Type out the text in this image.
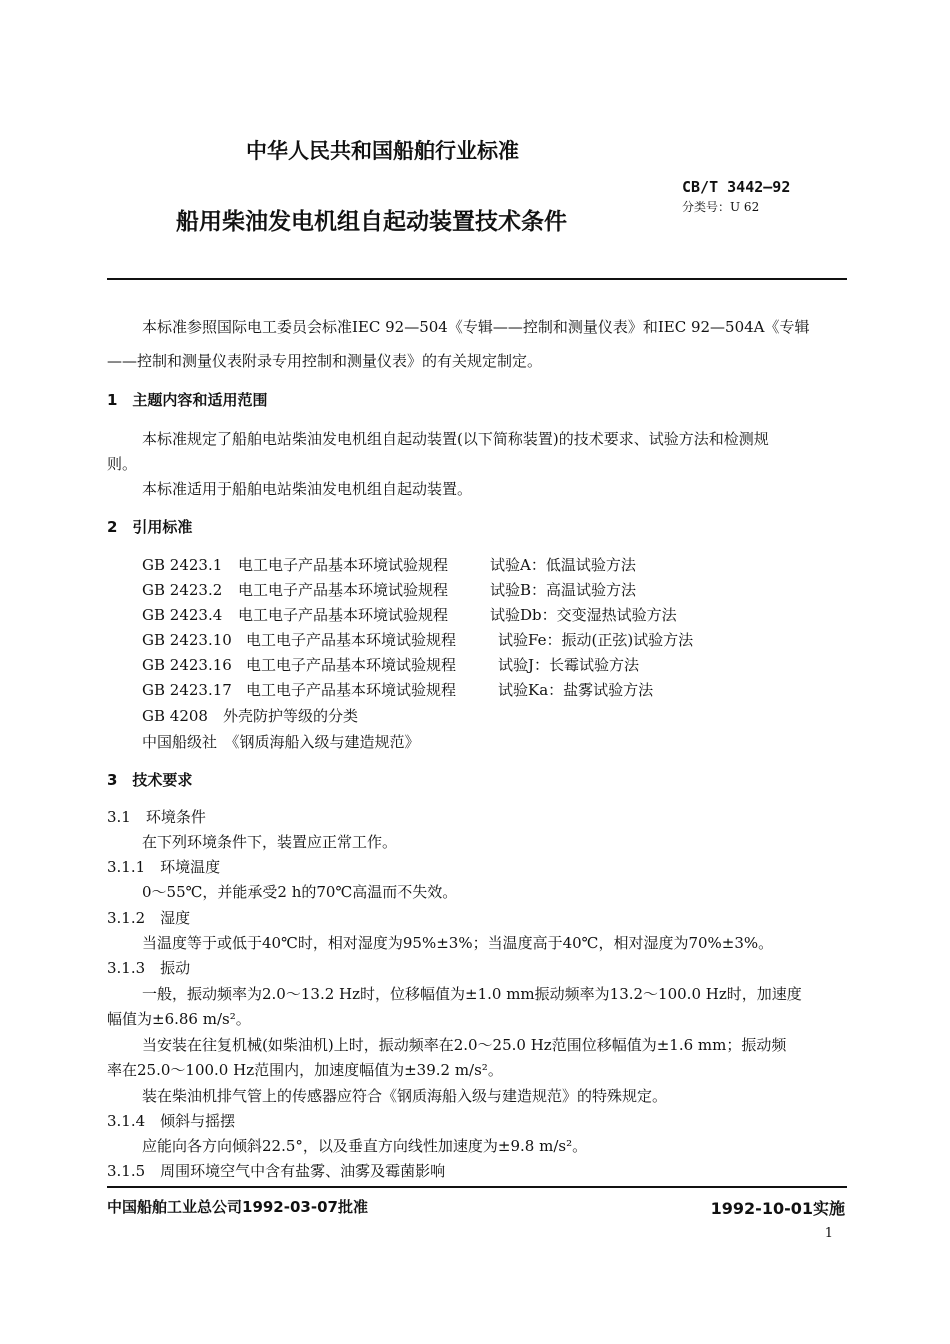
中华人民共和国船舶行业标准
船用柴油发电机组自起动装置技术条件
CB/T 3442—92
分类号：U 62
本标准参照国际电工委员会标准IEC 92—504《专辑——控制和测量仪表》和IEC 92—504A《专辑
——控制和测量仪表附录专用控制和测量仪表》的有关规定制定。
1　主题内容和适用范围
本标准规定了船舶电站柴油发电机组自起动装置(以下简称装置)的技术要求、试验方法和检测规
则。
本标准适用于船舶电站柴油发电机组自起动装置。
2　引用标准
GB 2423.1 电工电子产品基本环境试验规程	试验A：低温试验方法
GB 2423.2 电工电子产品基本环境试验规程	试验B：高温试验方法
GB 2423.4 电工电子产品基本环境试验规程	试验Db：交变湿热试验方法
GB 2423.10 电工电子产品基本环境试验规程	试验Fe：振动(正弦)试验方法
GB 2423.16 电工电子产品基本环境试验规程	试验J：长霉试验方法
GB 2423.17 电工电子产品基本环境试验规程	试验Ka：盐雾试验方法
GB 4208　外壳防护等级的分类
中国船级社　《钢质海船入级与建造规范》
3　技术要求
3.1　环境条件
在下列环境条件下，装置应正常工作。
3.1.1　环境温度
0～55℃，并能承受2 h的70℃高温而不失效。
3.1.2　湿度
当温度等于或低于40℃时，相对湿度为95%±3%；当温度高于40℃，相对湿度为70%±3%。
3.1.3　振动
一般，振动频率为2.0～13.2 Hz时，位移幅值为±1.0 mm振动频率为13.2～100.0 Hz时，加速度
幅值为±6.86 m/s²。
当安装在往复机械(如柴油机)上时，振动频率在2.0～25.0 Hz范围位移幅值为±1.6 mm；振动频
率在25.0～100.0 Hz范围内，加速度幅值为±39.2 m/s²。
装在柴油机排气管上的传感器应符合《钢质海船入级与建造规范》的特殊规定。
3.1.4　倾斜与摇摆
应能向各方向倾斜22.5°，以及垂直方向线性加速度为±9.8 m/s²。
3.1.5　周围环境空气中含有盐雾、油雾及霉菌影响
中国船舶工业总公司1992-03-07批准	1992-10-01实施
1
